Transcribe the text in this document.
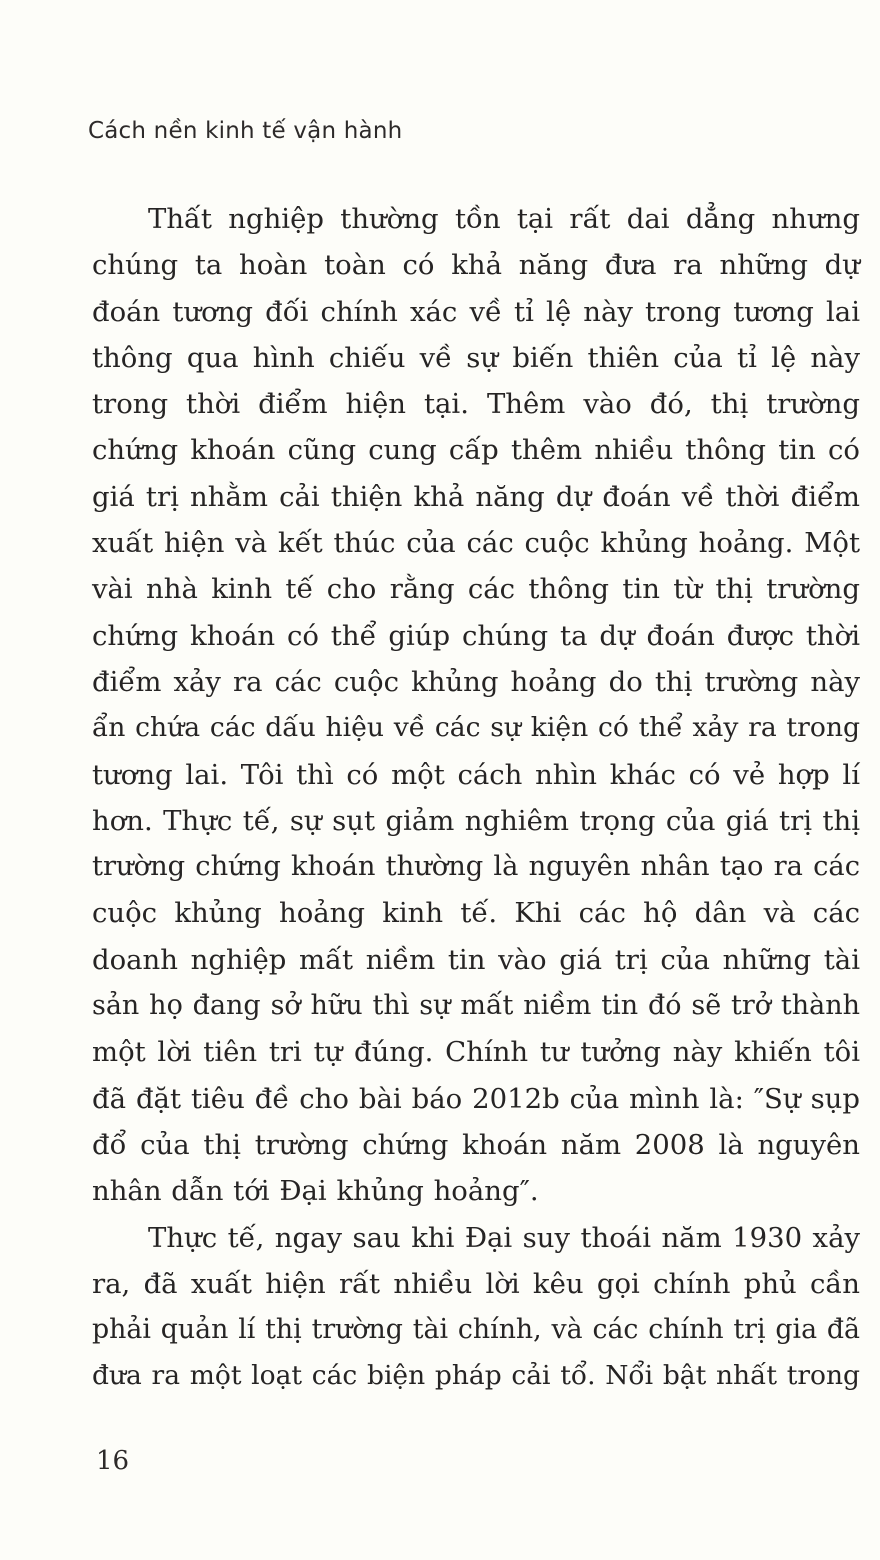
Cách nền kinh tế vận hành

Thất nghiệp thường tồn tại rất dai dẳng nhưng
chúng ta hoàn toàn có khả năng đưa ra những dự
đoán tương đối chính xác về tỉ lệ này trong tương lai
thông qua hình chiếu về sự biến thiên của tỉ lệ này
trong thời điểm hiện tại. Thêm vào đó, thị trường
chứng khoán cũng cung cấp thêm nhiều thông tin có
giá trị nhằm cải thiện khả năng dự đoán về thời điểm
xuất hiện và kết thúc của các cuộc khủng hoảng. Một
vài nhà kinh tế cho rằng các thông tin từ thị trường
chứng khoán có thể giúp chúng ta dự đoán được thời
điểm xảy ra các cuộc khủng hoảng do thị trường này
ẩn chứa các dấu hiệu về các sự kiện có thể xảy ra trong
tương lai. Tôi thì có một cách nhìn khác có vẻ hợp lí
hơn. Thực tế, sự sụt giảm nghiêm trọng của giá trị thị
trường chứng khoán thường là nguyên nhân tạo ra các
cuộc khủng hoảng kinh tế. Khi các hộ dân và các
doanh nghiệp mất niềm tin vào giá trị của những tài
sản họ đang sở hữu thì sự mất niềm tin đó sẽ trở thành
một lời tiên tri tự đúng. Chính tư tưởng này khiến tôi
đã đặt tiêu đề cho bài báo 2012b của mình là: ″Sự sụp
đổ của thị trường chứng khoán năm 2008 là nguyên
nhân dẫn tới Đại khủng hoảng″.

Thực tế, ngay sau khi Đại suy thoái năm 1930 xảy
ra, đã xuất hiện rất nhiều lời kêu gọi chính phủ cần
phải quản lí thị trường tài chính, và các chính trị gia đã
đưa ra một loạt các biện pháp cải tổ. Nổi bật nhất trong

16
